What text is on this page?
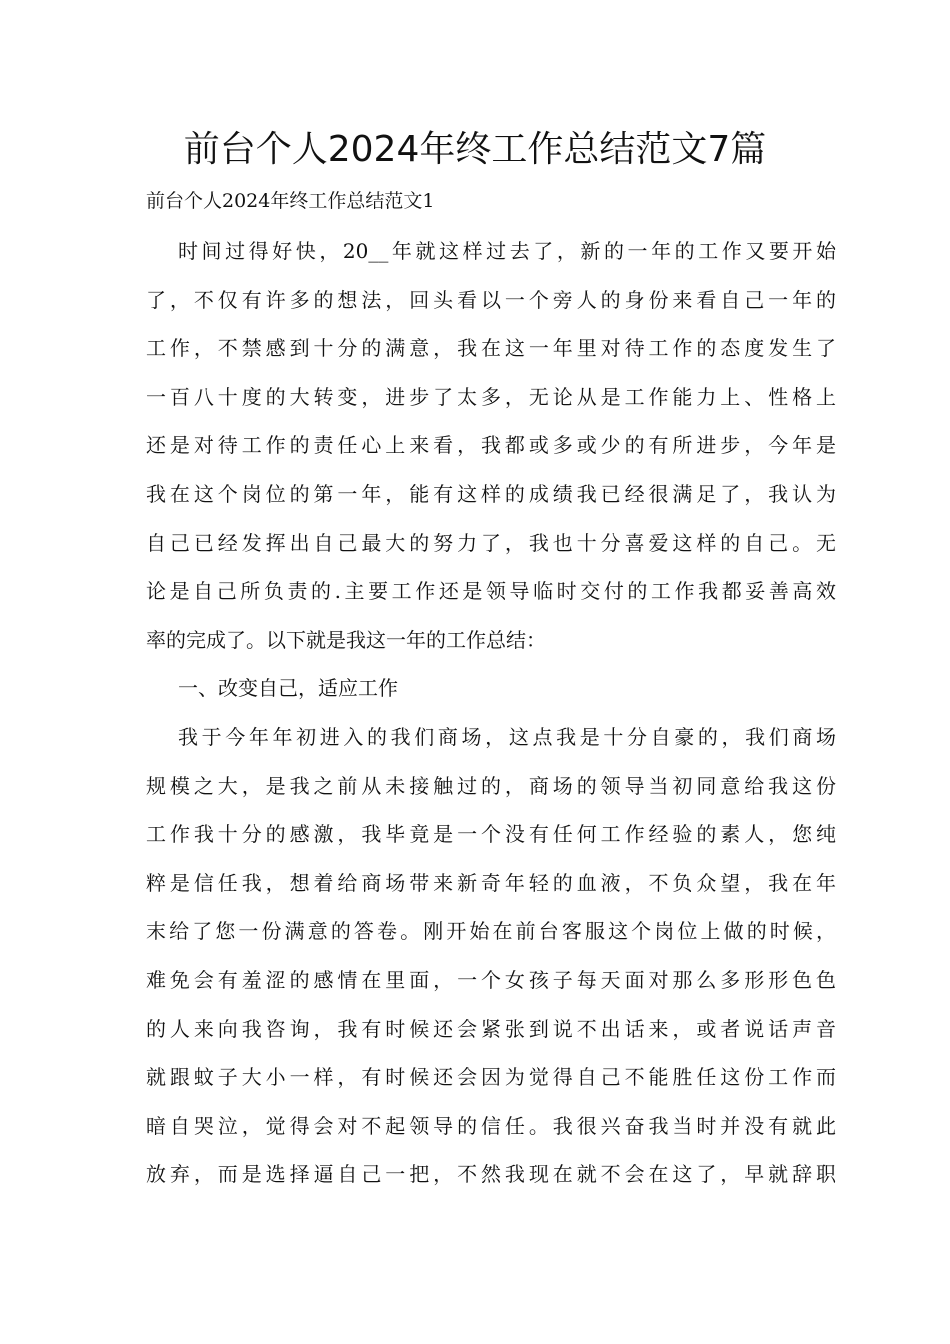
前台个人2024年终工作总结范文7篇
前台个人2024年终工作总结范文1
时间过得好快，20__年就这样过去了，新的一年的工作又要开始
了，不仅有许多的想法，回头看以一个旁人的身份来看自己一年的
工作，不禁感到十分的满意，我在这一年里对待工作的态度发生了
一百八十度的大转变，进步了太多，无论从是工作能力上、性格上
还是对待工作的责任心上来看，我都或多或少的有所进步，今年是
我在这个岗位的第一年，能有这样的成绩我已经很满足了，我认为
自己已经发挥出自己最大的努力了，我也十分喜爱这样的自己。无
论是自己所负责的.主要工作还是领导临时交付的工作我都妥善高效
率的完成了。以下就是我这一年的工作总结：
一、改变自己，适应工作
我于今年年初进入的我们商场，这点我是十分自豪的，我们商场
规模之大，是我之前从未接触过的，商场的领导当初同意给我这份
工作我十分的感激，我毕竟是一个没有任何工作经验的素人，您纯
粹是信任我，想着给商场带来新奇年轻的血液，不负众望，我在年
末给了您一份满意的答卷。刚开始在前台客服这个岗位上做的时候，
难免会有羞涩的感情在里面，一个女孩子每天面对那么多形形色色
的人来向我咨询，我有时候还会紧张到说不出话来，或者说话声音
就跟蚊子大小一样，有时候还会因为觉得自己不能胜任这份工作而
暗自哭泣，觉得会对不起领导的信任。我很兴奋我当时并没有就此
放弃，而是选择逼自己一把，不然我现在就不会在这了，早就辞职
